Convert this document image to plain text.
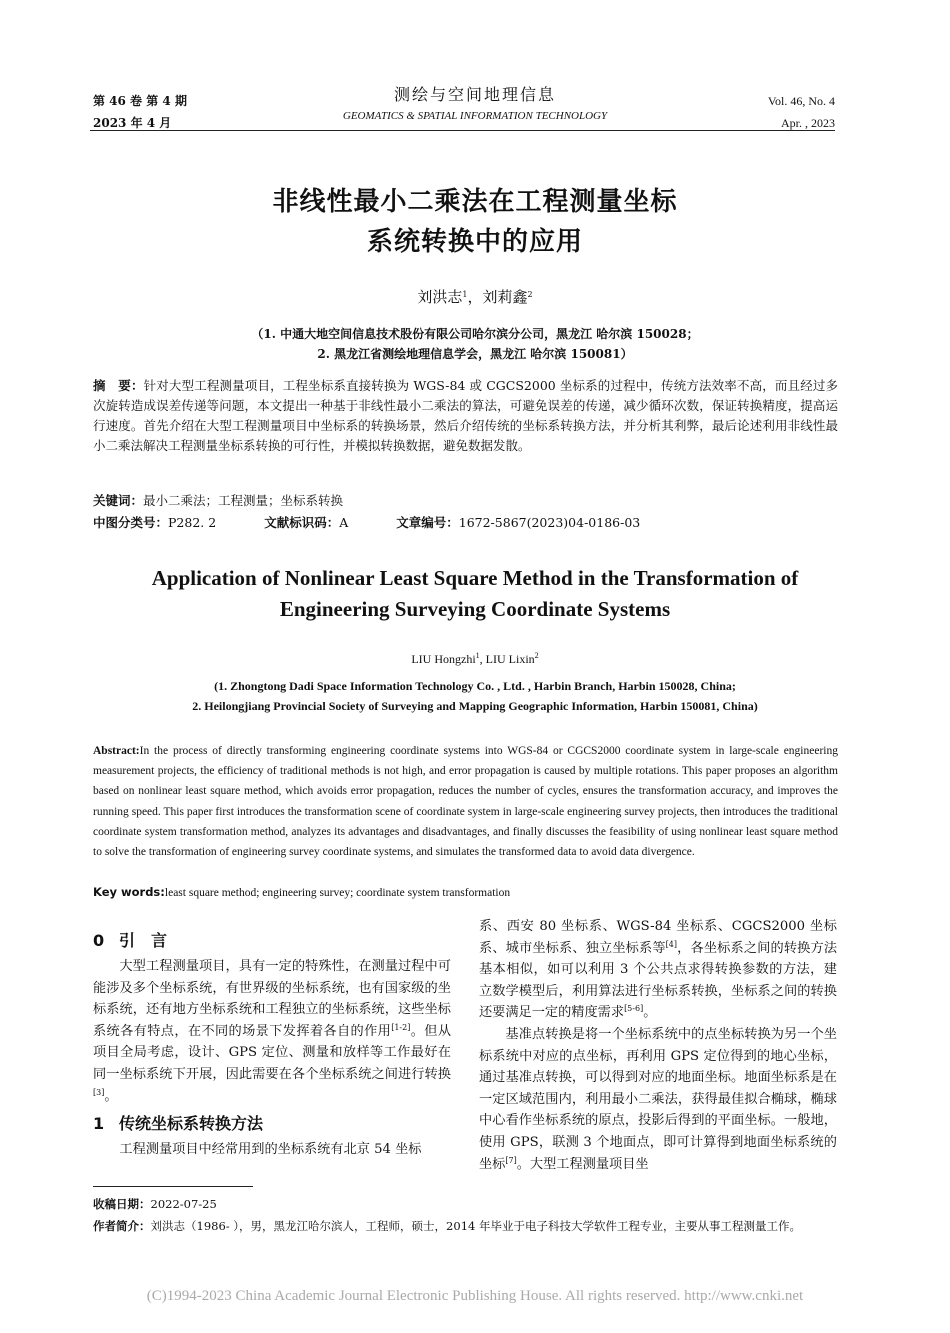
第 46 卷 第 4 期
2023 年 4 月
测绘与空间地理信息
GEOMATICS & SPATIAL INFORMATION TECHNOLOGY
Vol. 46, No. 4
Apr. , 2023
非线性最小二乘法在工程测量坐标
系统转换中的应用
刘洪志$^1$，刘莉鑫$^2$
（1. 中通大地空间信息技术股份有限公司哈尔滨分公司，黑龙江 哈尔滨 150028；
2. 黑龙江省测绘地理信息学会，黑龙江 哈尔滨 150081）
摘　要：针对大型工程测量项目，工程坐标系直接转换为 WGS-84 或 CGCS2000 坐标系的过程中，传统方法效率不高，而且经过多次旋转造成误差传递等问题，本文提出一种基于非线性最小二乘法的算法，可避免误差的传递，减少循环次数，保证转换精度，提高运行速度。首先介绍在大型工程测量项目中坐标系的转换场景，然后介绍传统的坐标系转换方法，并分析其利弊，最后论述利用非线性最小二乘法解决工程测量坐标系转换的可行性，并模拟转换数据，避免数据发散。
关键词：最小二乘法；工程测量；坐标系转换
中图分类号：P282. 2	文献标识码：A	文章编号：1672-5867(2023)04-0186-03
Application of Nonlinear Least Square Method in the Transformation of
Engineering Surveying Coordinate Systems
LIU Hongzhi$^1$, LIU Lixin$^2$
(1. Zhongtong Dadi Space Information Technology Co. , Ltd. , Harbin Branch, Harbin 150028, China;
2. Heilongjiang Provincial Society of Surveying and Mapping Geographic Information, Harbin 150081, China)
Abstract:In the process of directly transforming engineering coordinate systems into WGS-84 or CGCS2000 coordinate system in large-scale engineering measurement projects, the efficiency of traditional methods is not high, and error propagation is caused by multiple rotations. This paper proposes an algorithm based on nonlinear least square method, which avoids error propagation, reduces the number of cycles, ensures the transformation accuracy, and improves the running speed. This paper first introduces the transformation scene of coordinate system in large-scale engineering survey projects, then introduces the traditional coordinate system transformation method, analyzes its advantages and disadvantages, and finally discusses the feasibility of using nonlinear least square method to solve the transformation of engineering survey coordinate systems, and simulates the transformed data to avoid data divergence.
Key words:least square method; engineering survey; coordinate system transformation

0 引　言

大型工程测量项目，具有一定的特殊性，在测量过程中可能涉及多个坐标系统，有世界级的坐标系统，也有国家级的坐标系统，还有地方坐标系统和工程独立的坐标系统，这些坐标系统各有特点，在不同的场景下发挥着各自的作用[1-2]。但从项目全局考虑，设计、GPS 定位、测量和放样等工作最好在同一坐标系统下开展，因此需要在各个坐标系统之间进行转换[3]。

1 传统坐标系转换方法

工程测量项目中经常用到的坐标系统有北京 54 坐标

系、西安 80 坐标系、WGS-84 坐标系、CGCS2000 坐标系、城市坐标系、独立坐标系等[4]，各坐标系之间的转换方法基本相似，如可以利用 3 个公共点求得转换参数的方法，建立数学模型后，利用算法进行坐标系转换，坐标系之间的转换还要满足一定的精度需求[5-6]。

基准点转换是将一个坐标系统中的点坐标转换为另一个坐标系统中对应的点坐标，再利用 GPS 定位得到的地心坐标，通过基准点转换，可以得到对应的地面坐标。地面坐标系是在一定区域范围内，利用最小二乘法，获得最佳拟合椭球，椭球中心看作坐标系统的原点，投影后得到的平面坐标。一般地，使用 GPS，联测 3 个地面点，即可计算得到地面坐标系统的坐标[7]。大型工程测量项目坐

收稿日期：2022-07-25
作者简介：刘洪志（1986- ），男，黑龙江哈尔滨人，工程师，硕士，2014 年毕业于电子科技大学软件工程专业，主要从事工程测量工作。
(C)1994-2023 China Academic Journal Electronic Publishing House. All rights reserved. http://www.cnki.net
